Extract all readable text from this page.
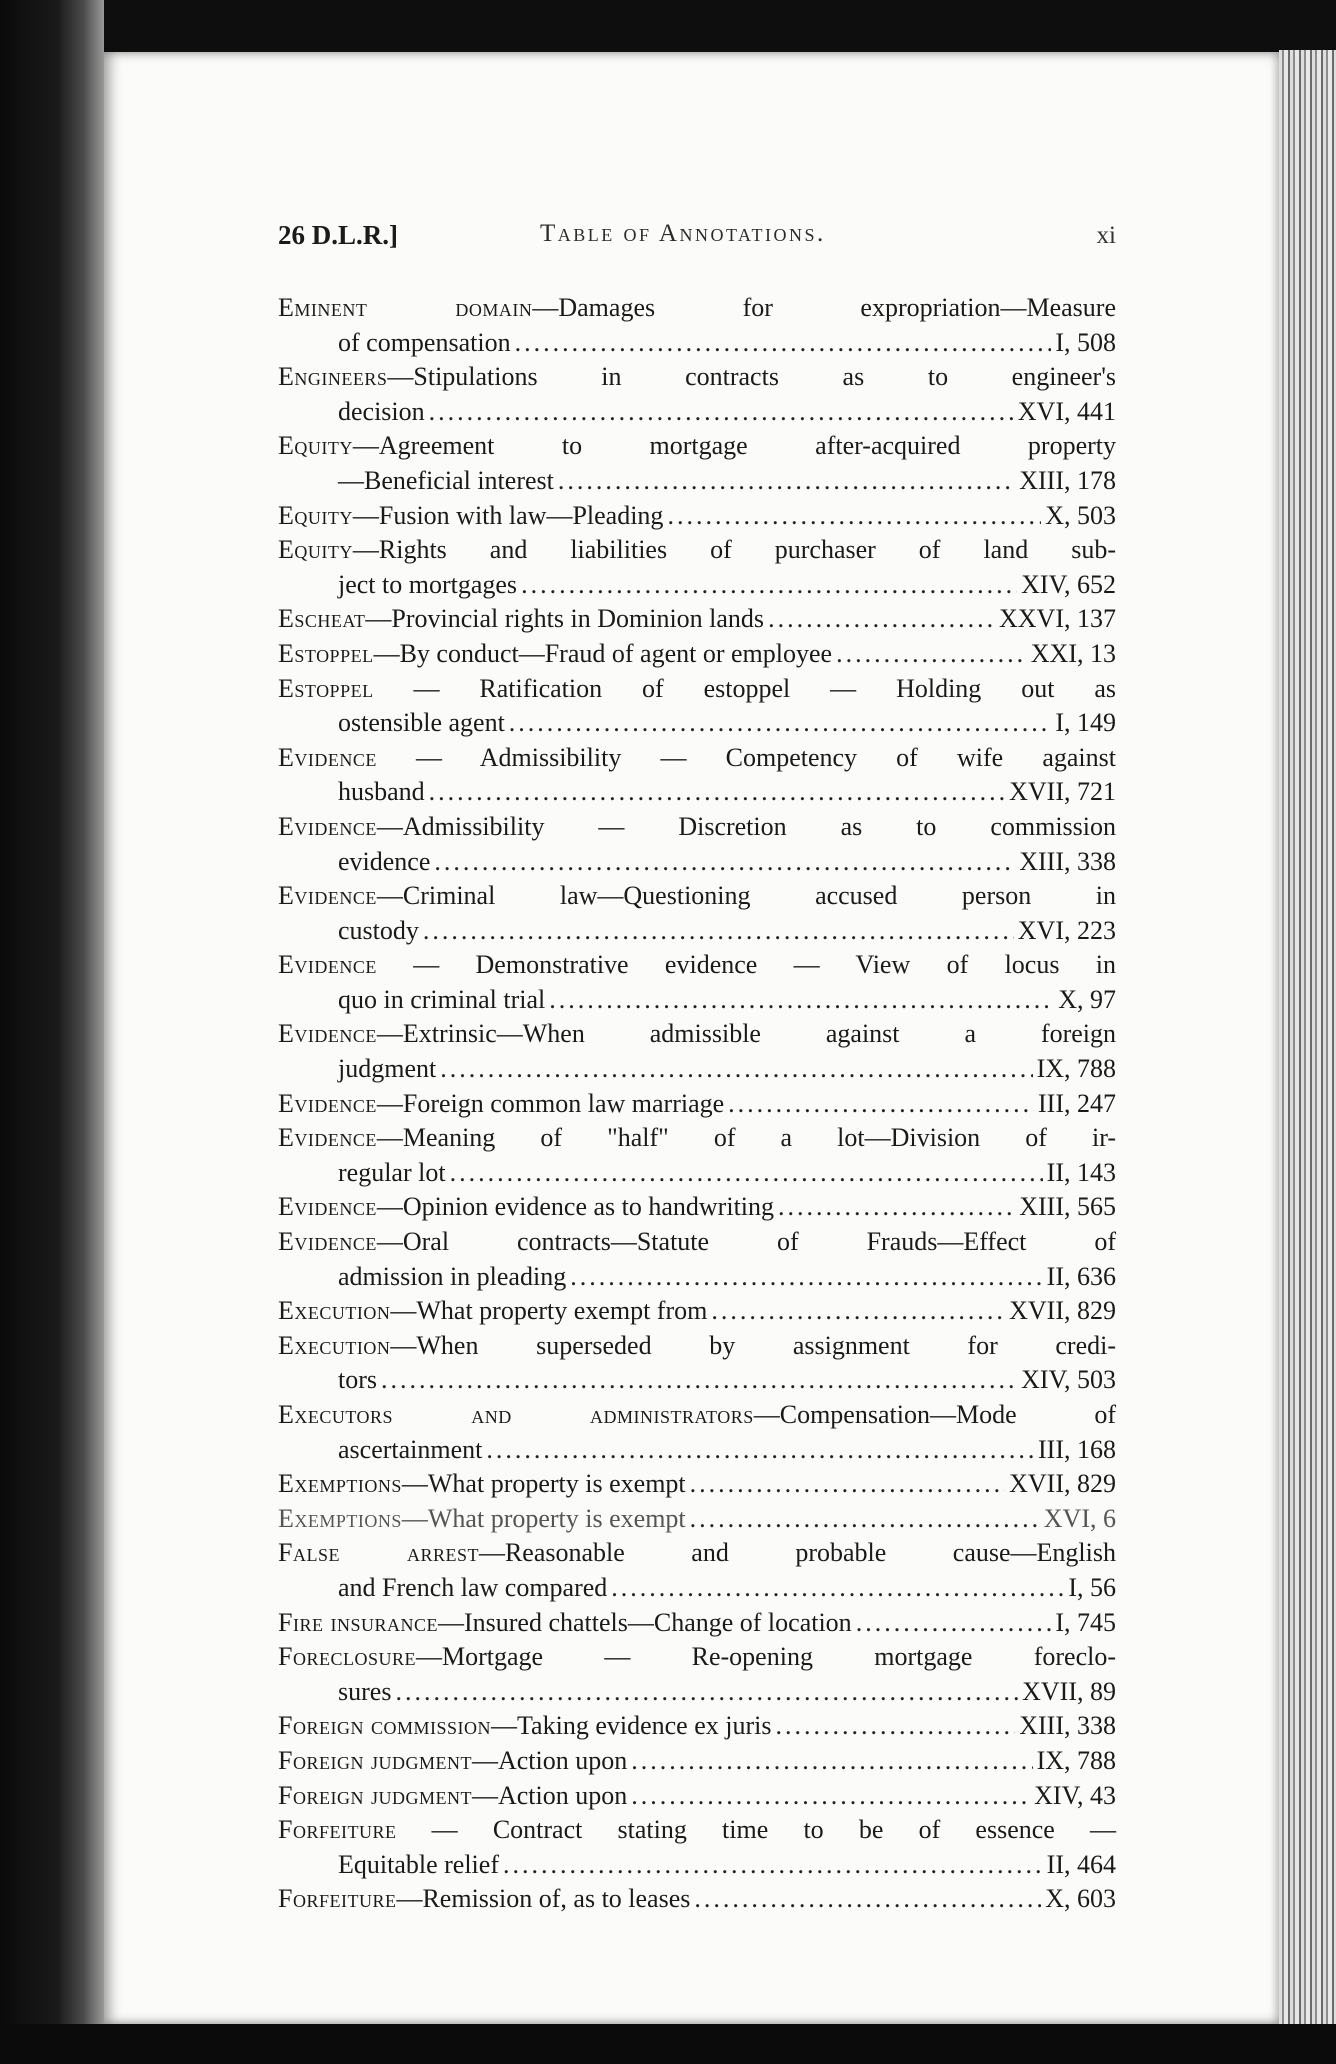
26 D.L.R.]	Table of Annotations.	xi

Eminent domain—Damages for expropriation—Measure

of compensation .....	I, 508

Engineers—Stipulations in contracts as to engineer's

decision .....	XVI, 441

Equity—Agreement to mortgage after-acquired property

—Beneficial interest .....	XIII, 178

Equity—Fusion with law—Pleading .....	X, 503

Equity—Rights and liabilities of purchaser of land sub-

ject to mortgages .....	XIV, 652

Escheat—Provincial rights in Dominion lands .....	XXVI, 137

Estoppel—By conduct—Fraud of agent or employee .....	XXI, 13

Estoppel — Ratification of estoppel — Holding out as

ostensible agent .....	I, 149

Evidence — Admissibility — Competency of wife against

husband .....	XVII, 721

Evidence—Admissibility — Discretion as to commission

evidence .....	XIII, 338

Evidence—Criminal law—Questioning accused person in

custody .....	XVI, 223

Evidence — Demonstrative evidence — View of locus in

quo in criminal trial .....	X, 97

Evidence—Extrinsic—When admissible against a foreign

judgment .....	IX, 788

Evidence—Foreign common law marriage .....	III, 247

Evidence—Meaning of "half" of a lot—Division of ir-

regular lot .....	II, 143

Evidence—Opinion evidence as to handwriting .....	XIII, 565

Evidence—Oral contracts—Statute of Frauds—Effect of

admission in pleading .....	II, 636

Execution—What property exempt from .....	XVII, 829

Execution—When superseded by assignment for credi-

tors .....	XIV, 503

Executors and administrators—Compensation—Mode of

ascertainment .....	III, 168

Exemptions—What property is exempt .....	XVII, 829

Exemptions—What property is exempt .....	XVI, 6

False arrest—Reasonable and probable cause—English

and French law compared .....	I, 56

Fire insurance—Insured chattels—Change of location .....	I, 745

Foreclosure—Mortgage — Re-opening mortgage foreclo-

sures .....	XVII, 89

Foreign commission—Taking evidence ex juris .....	XIII, 338

Foreign judgment—Action upon .....	IX, 788

Foreign judgment—Action upon .....	XIV, 43

Forfeiture — Contract stating time to be of essence —

Equitable relief .....	II, 464

Forfeiture—Remission of, as to leases .....	X, 603
